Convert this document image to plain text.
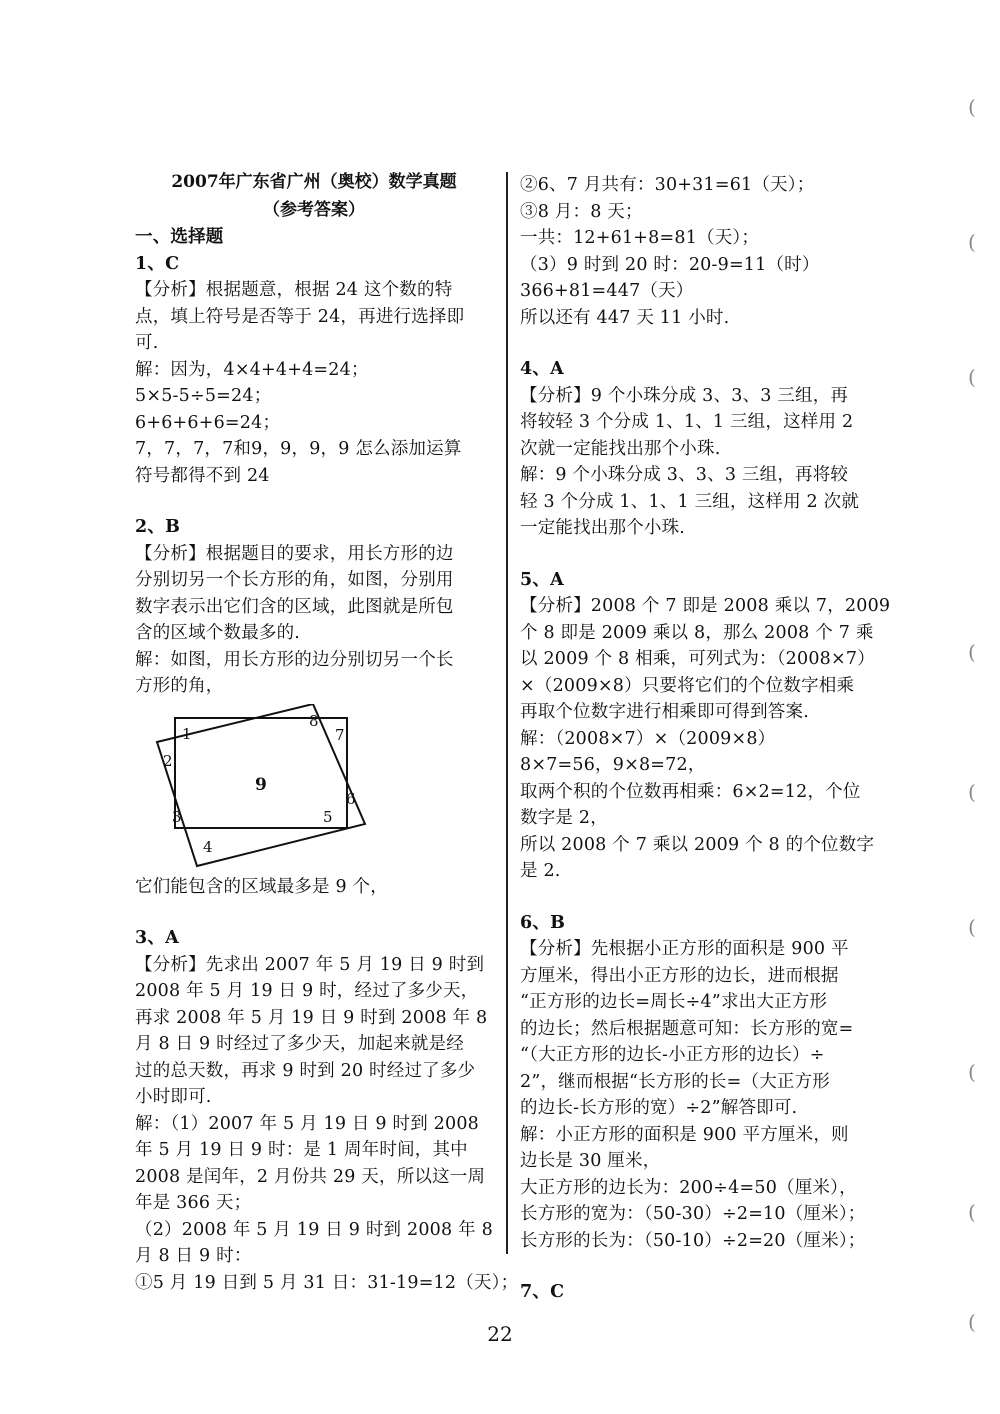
2007年广东省广州（奥校）数学真题
（参考答案）
一、选择题
1、C
【分析】根据题意，根据 24 这个数的特
点，填上符号是否等于 24，再进行选择即
可.
解：因为，4×4+4+4=24；
5×5-5÷5=24；
6+6+6+6=24；
7，7，7，7和9，9，9，9 怎么添加运算
符号都得不到 24
2、B
【分析】根据题目的要求，用长方形的边
分别切另一个长方形的角，如图，分别用
数字表示出它们含的区域，此图就是所包
含的区域个数最多的.
解：如图，用长方形的边分别切另一个长
方形的角，
1
2
3
4
5
6
7
8
9
它们能包含的区域最多是 9 个，
3、A
【分析】先求出 2007 年 5 月 19 日 9 时到
2008 年 5 月 19 日 9 时，经过了多少天，
再求 2008 年 5 月 19 日 9 时到 2008 年 8
月 8 日 9 时经过了多少天，加起来就是经
过的总天数，再求 9 时到 20 时经过了多少
小时即可.
解：（1）2007 年 5 月 19 日 9 时到 2008
年 5 月 19 日 9 时：是 1 周年时间，其中
2008 是闰年，2 月份共 29 天，所以这一周
年是 366 天；
（2）2008 年 5 月 19 日 9 时到 2008 年 8
月 8 日 9 时：
①5 月 19 日到 5 月 31 日：31-19=12（天）；
②6、7 月共有：30+31=61（天）；
③8 月：8 天；
一共：12+61+8=81（天）；
（3）9 时到 20 时：20-9=11（时）
366+81=447（天）
所以还有 447 天 11 小时.
4、A
【分析】9 个小珠分成 3、3、3 三组，再
将较轻 3 个分成 1、1、1 三组，这样用 2
次就一定能找出那个小珠.
解：9 个小珠分成 3、3、3 三组，再将较
轻 3 个分成 1、1、1 三组，这样用 2 次就
一定能找出那个小珠.
5、A
【分析】2008 个 7 即是 2008 乘以 7，2009
个 8 即是 2009 乘以 8，那么 2008 个 7 乘
以 2009 个 8 相乘，可列式为：（2008×7）
×（2009×8）只要将它们的个位数字相乘
再取个位数字进行相乘即可得到答案.
解：（2008×7）×（2009×8）
8×7=56，9×8=72，
取两个积的个位数再相乘：6×2=12，个位
数字是 2，
所以 2008 个 7 乘以 2009 个 8 的个位数字
是 2.
6、B
【分析】先根据小正方形的面积是 900 平
方厘米，得出小正方形的边长，进而根据
“正方形的边长=周长÷4”求出大正方形
的边长；然后根据题意可知：长方形的宽=
“（大正方形的边长-小正方形的边长）÷
2”，继而根据“长方形的长=（大正方形
的边长-长方形的宽）÷2”解答即可.
解：小正方形的面积是 900 平方厘米，则
边长是 30 厘米，
大正方形的边长为：200÷4=50（厘米），
长方形的宽为：（50-30）÷2=10（厘米）；
长方形的长为：（50-10）÷2=20（厘米）；
7、C
22
(
(
(
(
(
(
(
(
(
